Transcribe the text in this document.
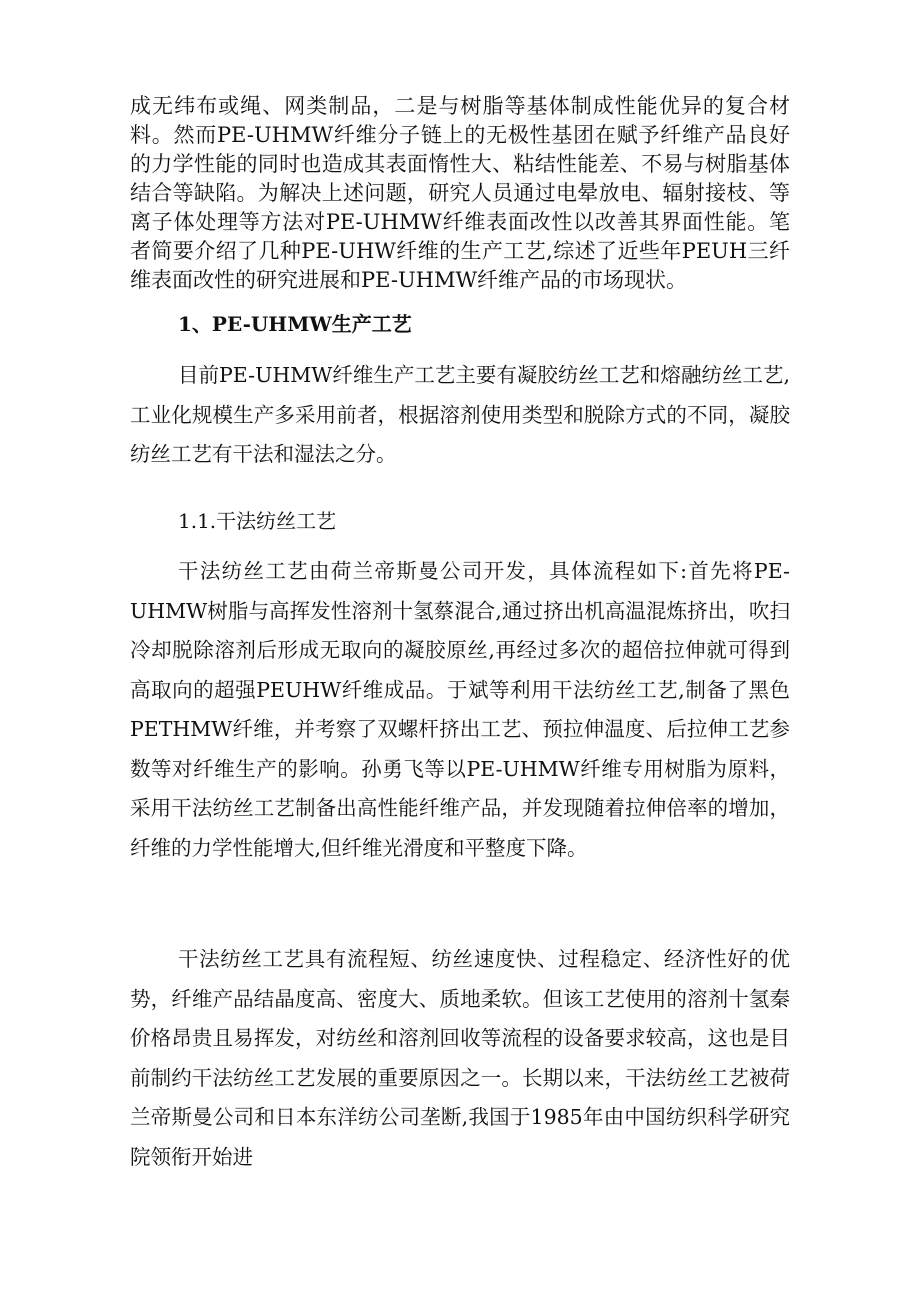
成无纬布或绳、网类制品，二是与树脂等基体制成性能优异的复合材料。然而PE-UHMW纤维分子链上的无极性基团在赋予纤维产品良好的力学性能的同时也造成其表面惰性大、粘结性能差、不易与树脂基体结合等缺陷。为解决上述问题，研究人员通过电晕放电、辐射接枝、等离子体处理等方法对PE-UHMW纤维表面改性以改善其界面性能。笔者简要介绍了几种PE-UHW纤维的生产工艺,综述了近些年PEUH三纤维表面改性的研究进展和PE-UHMW纤维产品的市场现状。

1、PE-UHMW生产工艺

目前PE-UHMW纤维生产工艺主要有凝胶纺丝工艺和熔融纺丝工艺,工业化规模生产多采用前者，根据溶剂使用类型和脱除方式的不同，凝胶纺丝工艺有干法和湿法之分。

1.1.干法纺丝工艺

干法纺丝工艺由荷兰帝斯曼公司开发，具体流程如下:首先将PE-UHMW树脂与高挥发性溶剂十氢蔡混合,通过挤出机高温混炼挤出，吹扫冷却脱除溶剂后形成无取向的凝胶原丝,再经过多次的超倍拉伸就可得到高取向的超强PEUHW纤维成品。于斌等利用干法纺丝工艺,制备了黑色PETHMW纤维，并考察了双螺杆挤出工艺、预拉伸温度、后拉伸工艺参数等对纤维生产的影响。孙勇飞等以PE-UHMW纤维专用树脂为原料，采用干法纺丝工艺制备出高性能纤维产品，并发现随着拉伸倍率的增加，纤维的力学性能增大,但纤维光滑度和平整度下降。

干法纺丝工艺具有流程短、纺丝速度快、过程稳定、经济性好的优势，纤维产品结晶度高、密度大、质地柔软。但该工艺使用的溶剂十氢秦价格昂贵且易挥发，对纺丝和溶剂回收等流程的设备要求较高，这也是目前制约干法纺丝工艺发展的重要原因之一。长期以来，干法纺丝工艺被荷兰帝斯曼公司和日本东洋纺公司垄断,我国于1985年由中国纺织科学研究院领衔开始进
